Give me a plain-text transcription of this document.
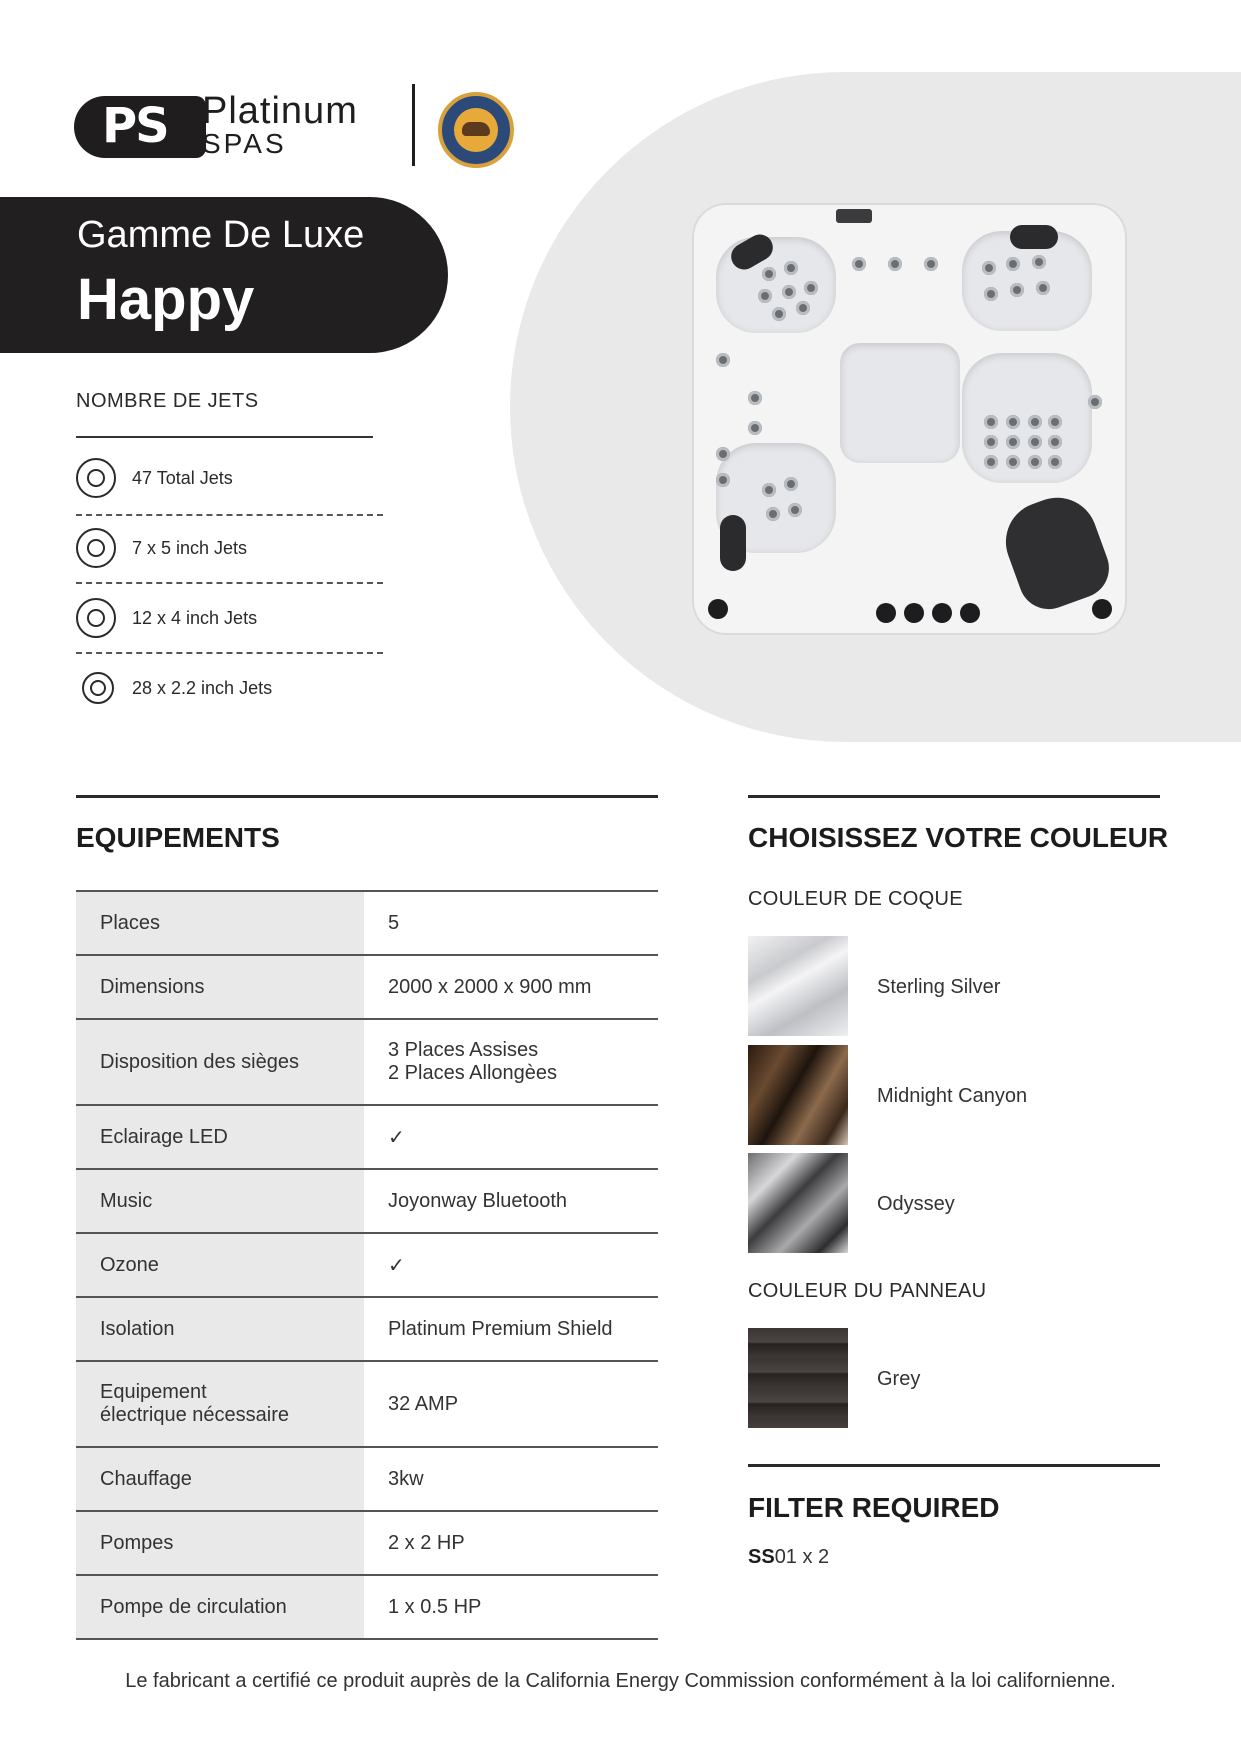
PS Platinum
SPAS
Gamme De Luxe
Happy
NOMBRE DE JETS
47 Total Jets
7 x 5 inch Jets
12 x 4 inch Jets
28 x 2.2 inch Jets
EQUIPEMENTS
Places	5
Dimensions	2000 x 2000 x 900 mm
Disposition des sièges	3 Places Assises
2 Places Allongèes
Eclairage LED	✓
Music	Joyonway Bluetooth
Ozone	✓
Isolation	Platinum Premium Shield
Equipement
électrique nécessaire	32 AMP
Chauffage	3kw
Pompes	2 x 2 HP
Pompe de circulation	1 x 0.5 HP
CHOISISSEZ VOTRE COULEUR
COULEUR DE COQUE
Sterling Silver
Midnight Canyon
Odyssey
COULEUR DU PANNEAU
Grey
FILTER REQUIRED
SS01 x 2
Le fabricant a certifié ce produit auprès de la California Energy Commission conformément à la loi californienne.
